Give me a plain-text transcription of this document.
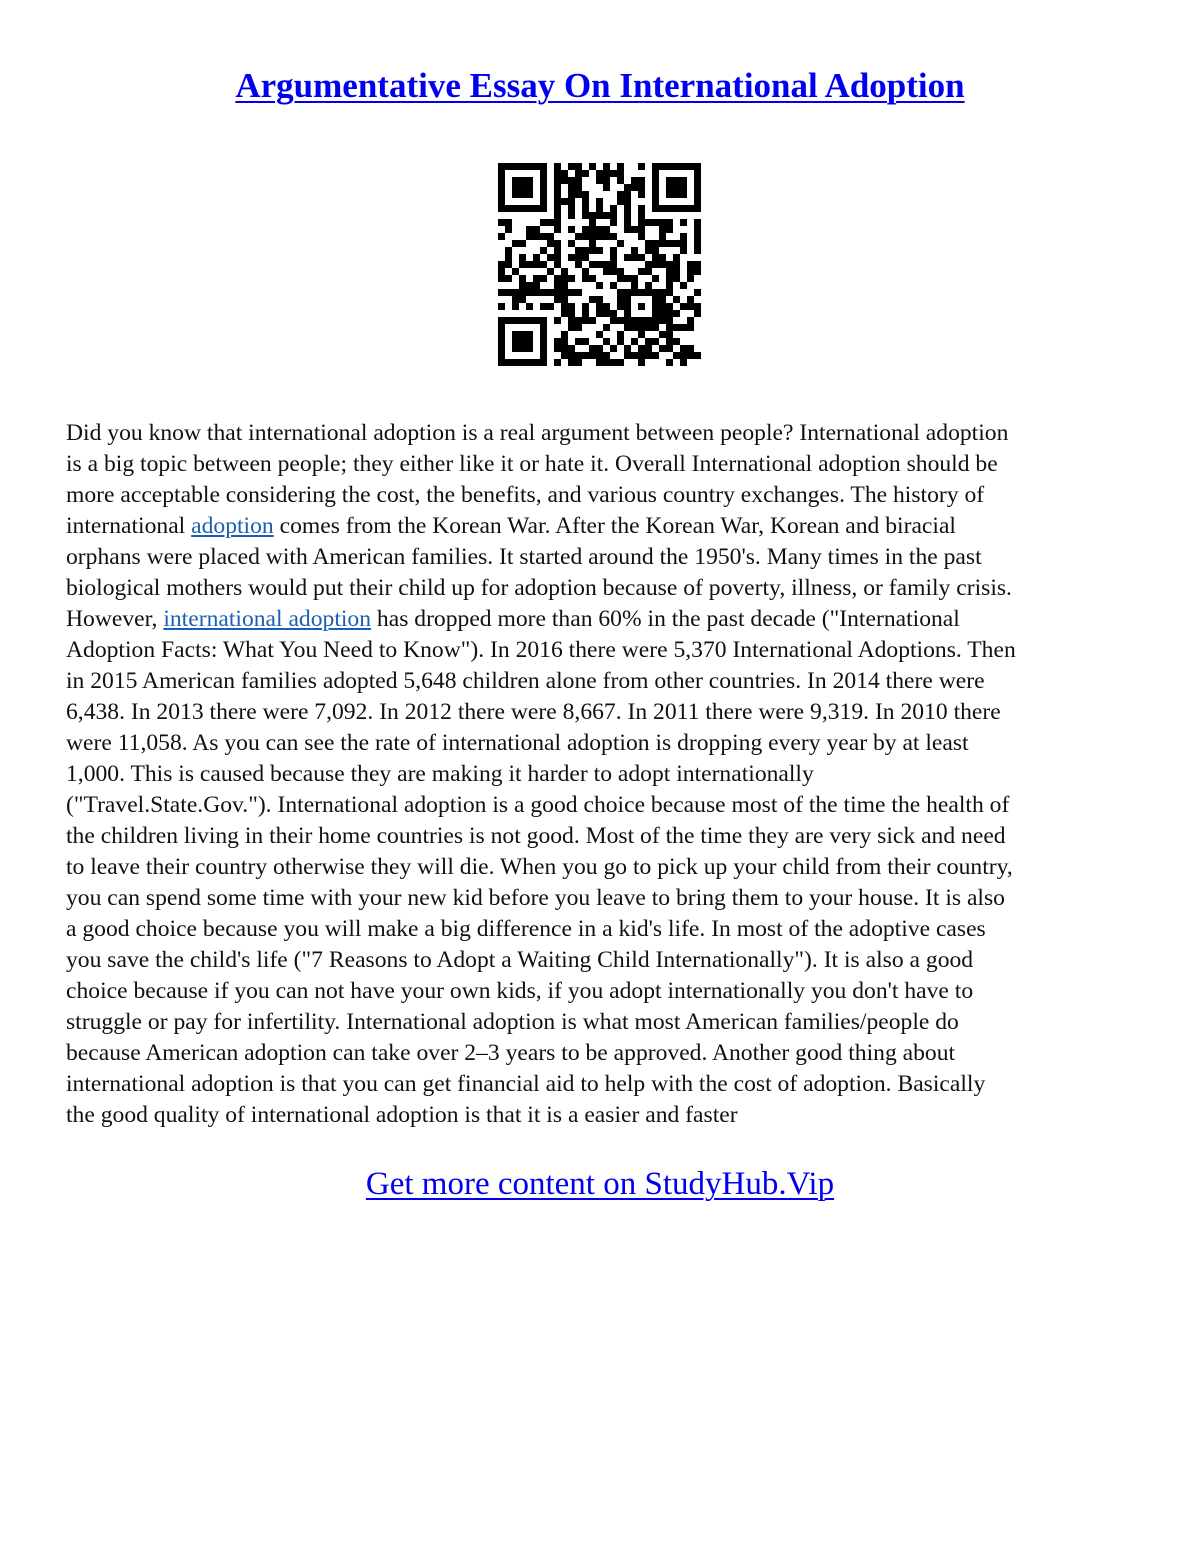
Argumentative Essay On International Adoption

Did you know that international adoption is a real argument between people? International adoption
is a big topic between people; they either like it or hate it. Overall International adoption should be
more acceptable considering the cost, the benefits, and various country exchanges. The history of
international adoption comes from the Korean War. After the Korean War, Korean and biracial
orphans were placed with American families. It started around the 1950's. Many times in the past
biological mothers would put their child up for adoption because of poverty, illness, or family crisis.
However, international adoption has dropped more than 60% in the past decade ("International
Adoption Facts: What You Need to Know"). In 2016 there were 5,370 International Adoptions. Then
in 2015 American families adopted 5,648 children alone from other countries. In 2014 there were
6,438. In 2013 there were 7,092. In 2012 there were 8,667. In 2011 there were 9,319. In 2010 there
were 11,058. As you can see the rate of international adoption is dropping every year by at least
1,000. This is caused because they are making it harder to adopt internationally
("Travel.State.Gov."). International adoption is a good choice because most of the time the health of
the children living in their home countries is not good. Most of the time they are very sick and need
to leave their country otherwise they will die. When you go to pick up your child from their country,
you can spend some time with your new kid before you leave to bring them to your house. It is also
a good choice because you will make a big difference in a kid's life. In most of the adoptive cases
you save the child's life ("7 Reasons to Adopt a Waiting Child Internationally"). It is also a good
choice because if you can not have your own kids, if you adopt internationally you don't have to
struggle or pay for infertility. International adoption is what most American families/people do
because American adoption can take over 2–3 years to be approved. Another good thing about
international adoption is that you can get financial aid to help with the cost of adoption. Basically
the good quality of international adoption is that it is a easier and faster

Get more content on StudyHub.Vip
